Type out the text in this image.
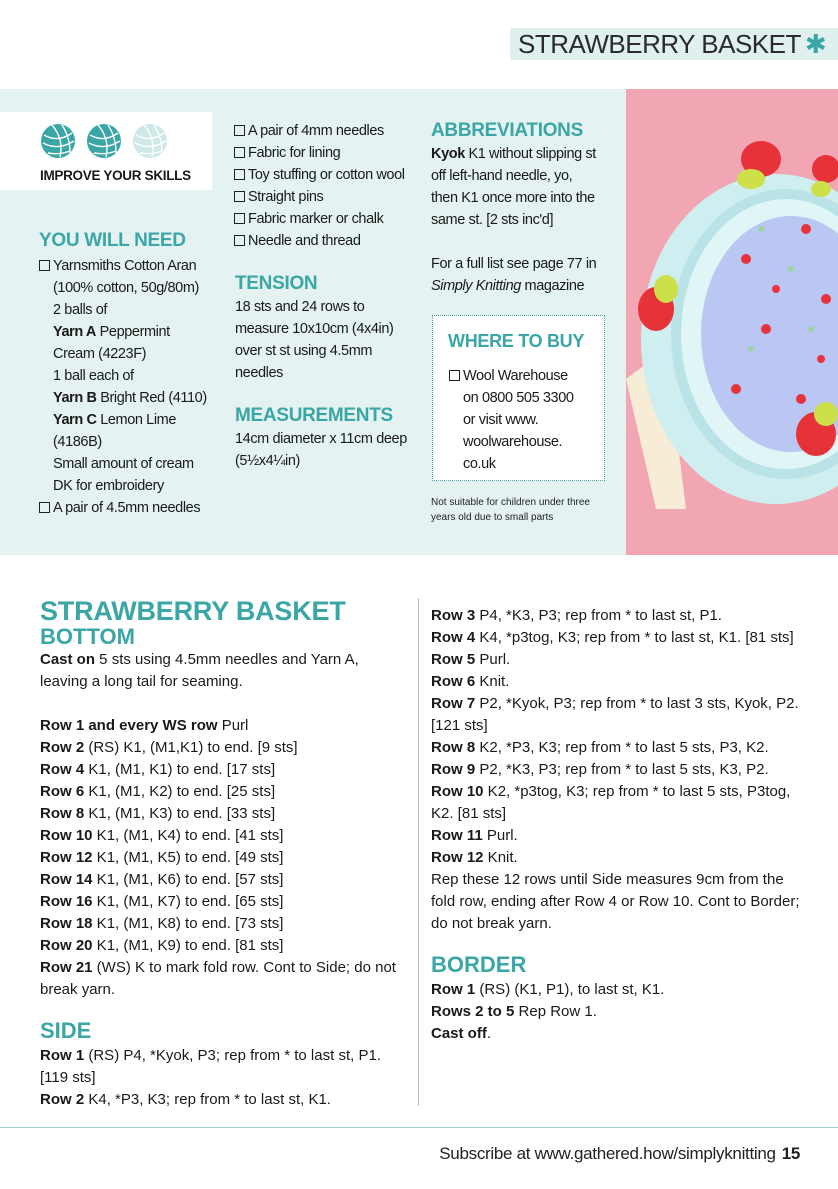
STRAWBERRY BASKET ✱
IMPROVE YOUR SKILLS
YOU WILL NEED
Yarnsmiths Cotton Aran
(100% cotton, 50g/80m)
2 balls of
Yarn A Peppermint
Cream (4223F)
1 ball each of
Yarn B Bright Red (4110)
Yarn C Lemon Lime
(4186B)
Small amount of cream
DK for embroidery
A pair of 4.5mm needles
A pair of 4mm needles
Fabric for lining
Toy stuffing or cotton wool
Straight pins
Fabric marker or chalk
Needle and thread
TENSION
18 sts and 24 rows to
measure 10x10cm (4x4in)
over st st using 4.5mm
needles
MEASUREMENTS
14cm diameter x 11cm deep
(5½x4¼in)
ABBREVIATIONS
Kyok K1 without slipping st
off left-hand needle, yo,
then K1 once more into the
same st. [2 sts inc'd]
For a full list see page 77 in
Simply Knitting magazine
WHERE TO BUY
Wool Warehouse
on 0800 505 3300
or visit www.
woolwarehouse.
co.uk
Not suitable for children under three years old due to small parts
STRAWBERRY BASKET
BOTTOM
Cast on 5 sts using 4.5mm needles and Yarn A, leaving a long tail for seaming.
Row 1 and every WS row Purl
Row 2 (RS) K1, (M1,K1) to end. [9 sts]
Row 4 K1, (M1, K1) to end. [17 sts]
Row 6 K1, (M1, K2) to end. [25 sts]
Row 8 K1, (M1, K3) to end. [33 sts]
Row 10 K1, (M1, K4) to end. [41 sts]
Row 12 K1, (M1, K5) to end. [49 sts]
Row 14 K1, (M1, K6) to end. [57 sts]
Row 16 K1, (M1, K7) to end. [65 sts]
Row 18 K1, (M1, K8) to end. [73 sts]
Row 20 K1, (M1, K9) to end. [81 sts]
Row 21 (WS) K to mark fold row. Cont to Side; do not break yarn.
SIDE
Row 1 (RS) P4, *Kyok, P3; rep from * to last st, P1. [119 sts]
Row 2 K4, *P3, K3; rep from * to last st, K1.
Row 3 P4, *K3, P3; rep from * to last st, P1.
Row 4 K4, *p3tog, K3; rep from * to last st, K1. [81 sts]
Row 5 Purl.
Row 6 Knit.
Row 7 P2, *Kyok, P3; rep from * to last 3 sts, Kyok, P2. [121 sts]
Row 8 K2, *P3, K3; rep from * to last 5 sts, P3, K2.
Row 9 P2, *K3, P3; rep from * to last 5 sts, K3, P2.
Row 10 K2, *p3tog, K3; rep from * to last 5 sts, P3tog, K2. [81 sts]
Row 11 Purl.
Row 12 Knit.
Rep these 12 rows until Side measures 9cm from the fold row, ending after Row 4 or Row 10. Cont to Border; do not break yarn.
BORDER
Row 1 (RS) (K1, P1), to last st, K1.
Rows 2 to 5 Rep Row 1.
Cast off.
Subscribe at www.gathered.how/simplyknitting 15
